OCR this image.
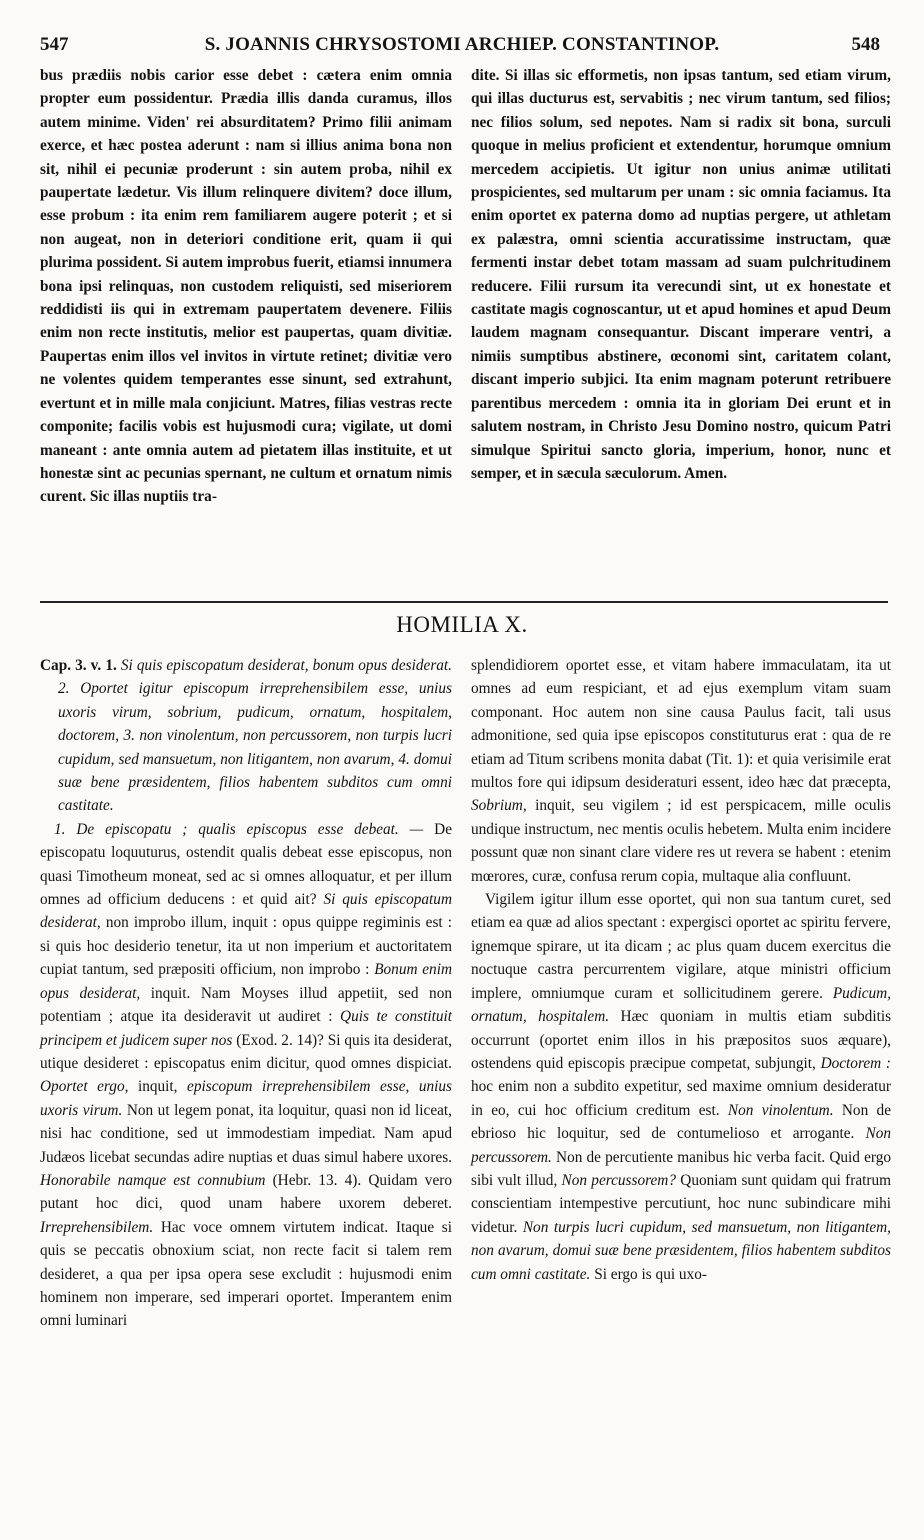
547	S. JOANNIS CHRYSOSTOMI ARCHIEP. CONSTANTINOP.	548

bus prædiis nobis carior esse debet : cætera enim omnia propter eum possidentur. Prædia illis danda curamus, illos autem minime. Viden' rei absurditatem? Primo filii animam exerce, et hæc postea aderunt : nam si illius anima bona non sit, nihil ei pecuniæ proderunt : sin autem proba, nihil ex paupertate lædetur. Vis illum relinquere divitem? doce illum, esse probum : ita enim rem familiarem augere poterit ; et si non augeat, non in deteriori conditione erit, quam ii qui plurima possident. Si autem improbus fuerit, etiamsi innumera bona ipsi relinquas, non custodem reliquisti, sed miseriorem reddidisti iis qui in extremam paupertatem devenere. Filiis enim non recte institutis, melior est paupertas, quam divitiæ. Paupertas enim illos vel invitos in virtute retinet; divitiæ vero ne volentes quidem temperantes esse sinunt, sed extrahunt, evertunt et in mille mala conjiciunt. Matres, filias vestras recte componite; facilis vobis est hujusmodi cura; vigilate, ut domi maneant : ante omnia autem ad pietatem illas instituite, et ut honestæ sint ac pecunias spernant, ne cultum et ornatum nimis curent. Sic illas nuptiis tra-

dite. Si illas sic efformetis, non ipsas tantum, sed etiam virum, qui illas ducturus est, servabitis ; nec virum tantum, sed filios; nec filios solum, sed nepotes. Nam si radix sit bona, surculi quoque in melius proficient et extendentur, horumque omnium mercedem accipietis. Ut igitur non unius animæ utilitati prospicientes, sed multarum per unam : sic omnia faciamus. Ita enim oportet ex paterna domo ad nuptias pergere, ut athletam ex palæstra, omni scientia accuratissime instructam, quæ fermenti instar debet totam massam ad suam pulchritudinem reducere. Filii rursum ita verecundi sint, ut ex honestate et castitate magis cognoscantur, ut et apud homines et apud Deum laudem magnam consequantur. Discant imperare ventri, a nimiis sumptibus abstinere, œconomi sint, caritatem colant, discant imperio subjici. Ita enim magnam poterunt retribuere parentibus mercedem : omnia ita in gloriam Dei erunt et in salutem nostram, in Christo Jesu Domino nostro, quicum Patri simulque Spiritui sancto gloria, imperium, honor, nunc et semper, et in sæcula sæculorum. Amen.

HOMILIA X.

Cap. 3. v. 1. Si quis episcopatum desiderat, bonum opus desiderat. 2. Oportet igitur episcopum irreprehensibilem esse, unius uxoris virum, sobrium, pudicum, ornatum, hospitalem, doctorem, 3. non vinolentum, non percussorem, non turpis lucri cupidum, sed mansuetum, non litigantem, non avarum, 4. domui suæ bene præsidentem, filios habentem subditos cum omni castitate.

1. De episcopatu ; qualis episcopus esse debeat. — De episcopatu loquuturus, ostendit qualis debeat esse episcopus, non quasi Timotheum moneat, sed ac si omnes alloquatur, et per illum omnes ad officium deducens : et quid ait? Si quis episcopatum desiderat, non improbo illum, inquit : opus quippe regiminis est : si quis hoc desiderio tenetur, ita ut non imperium et auctoritatem cupiat tantum, sed præpositi officium, non improbo : Bonum enim opus desiderat, inquit. Nam Moyses illud appetiit, sed non potentiam ; atque ita desideravit ut audiret : Quis te constituit principem et judicem super nos (Exod. 2. 14)? Si quis ita desiderat, utique desideret : episcopatus enim dicitur, quod omnes dispiciat. Oportet ergo, inquit, episcopum irreprehensibilem esse, unius uxoris virum. Non ut legem ponat, ita loquitur, quasi non id liceat, nisi hac conditione, sed ut immodestiam impediat. Nam apud Judæos licebat secundas adire nuptias et duas simul habere uxores. Honorabile namque est connubium (Hebr. 13. 4). Quidam vero putant hoc dici, quod unam habere uxorem deberet. Irreprehensibilem. Hac voce omnem virtutem indicat. Itaque si quis se peccatis obnoxium sciat, non recte facit si talem rem desideret, a qua per ipsa opera sese excludit : hujusmodi enim hominem non imperare, sed imperari oportet. Imperantem enim omni luminari

splendidiorem oportet esse, et vitam habere immaculatam, ita ut omnes ad eum respiciant, et ad ejus exemplum vitam suam componant. Hoc autem non sine causa Paulus facit, tali usus admonitione, sed quia ipse episcopos constituturus erat : qua de re etiam ad Titum scribens monita dabat (Tit. 1): et quia verisimile erat multos fore qui idipsum desideraturi essent, ideo hæc dat præcepta, Sobrium, inquit, seu vigilem ; id est perspicacem, mille oculis undique instructum, nec mentis oculis hebetem. Multa enim incidere possunt quæ non sinant clare videre res ut revera se habent : etenim mœrores, curæ, confusa rerum copia, multaque alia confluunt.

Vigilem igitur illum esse oportet, qui non sua tantum curet, sed etiam ea quæ ad alios spectant : expergisci oportet ac spiritu fervere, ignemque spirare, ut ita dicam ; ac plus quam ducem exercitus die noctuque castra percurrentem vigilare, atque ministri officium implere, omniumque curam et sollicitudinem gerere. Pudicum, ornatum, hospitalem. Hæc quoniam in multis etiam subditis occurrunt (oportet enim illos in his præpositos suos æquare), ostendens quid episcopis præcipue competat, subjungit, Doctorem : hoc enim non a subdito expetitur, sed maxime omnium desideratur in eo, cui hoc officium creditum est. Non vinolentum. Non de ebrioso hic loquitur, sed de contumelioso et arrogante. Non percussorem. Non de percutiente manibus hic verba facit. Quid ergo sibi vult illud, Non percussorem? Quoniam sunt quidam qui fratrum conscientiam intempestive percutiunt, hoc nunc subindicare mihi videtur. Non turpis lucri cupidum, sed mansuetum, non litigantem, non avarum, domui suæ bene præsidentem, filios habentem subditos cum omni castitate. Si ergo is qui uxo-
